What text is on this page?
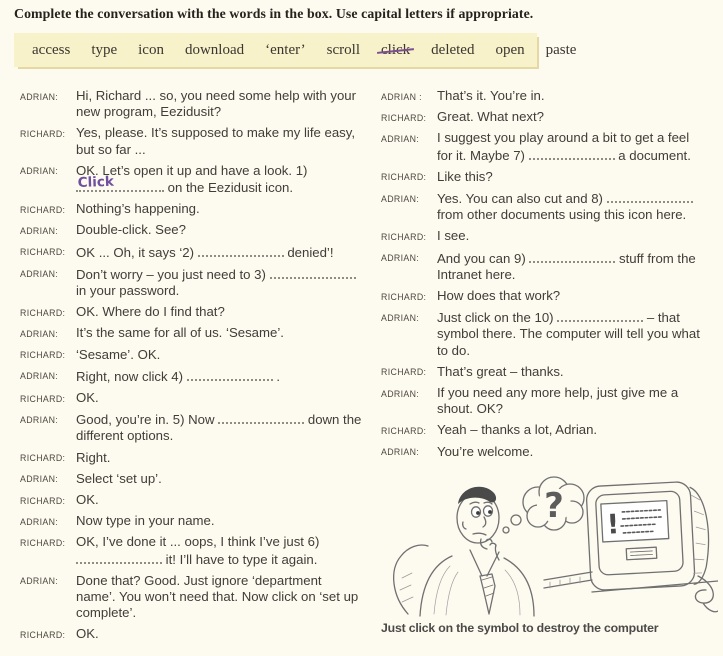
Complete the conversation with the words in the box. Use capital letters if appropriate.
access type icon download ‘enter’ scroll click deleted open paste
ADRIAN:	Hi, Richard ... so, you need some help with your new program, Eezidusit?
RICHARD: Yes, please. It’s supposed to make my life easy, but so far ...
ADRIAN:	OK. Let’s open it up and have a look. 1)
Click	on the Eezidusit icon.
RICHARD: Nothing’s happening.
ADRIAN:	Double-click. See?
RICHARD: OK ... Oh, it says ‘2)	denied’!
ADRIAN:	Don’t worry – you just need to 3)  in your password.
RICHARD: OK. Where do I find that?
ADRIAN:	It’s the same for all of us. ‘Sesame’.
RICHARD: ‘Sesame’. OK.
ADRIAN:	Right, now click 4)	.
RICHARD: OK.
ADRIAN:	Good, you’re in. 5) Now	down the different options.
RICHARD: Right.
ADRIAN:	Select ‘set up’.
RICHARD: OK.
ADRIAN:	Now type in your name.
RICHARD: OK, I’ve done it ... oops, I think I’ve just 6)  it! I’ll have to type it again.
ADRIAN:	Done that? Good. Just ignore ‘department name’. You won’t need that. Now click on ‘set up complete’.
RICHARD: OK.
ADRIAN :	That’s it. You’re in.
RICHARD: Great. What next?
ADRIAN:	I suggest you play around a bit to get a feel for it. Maybe 7)	a document.
RICHARD: Like this?
ADRIAN:	Yes. You can also cut and 8)  from other documents using this icon here.
RICHARD: I see.
ADRIAN:	And you can 9)	stuff from the Intranet here.
RICHARD: How does that work?
ADRIAN:	Just click on the 10)	– that symbol there. The computer will tell you what to do.
RICHARD: That’s great – thanks.
ADRIAN:	If you need any more help, just give me a shout. OK?
RICHARD: Yeah – thanks a lot, Adrian.
ADRIAN:	You’re welcome.
? !
Just click on the symbol to destroy the computer
